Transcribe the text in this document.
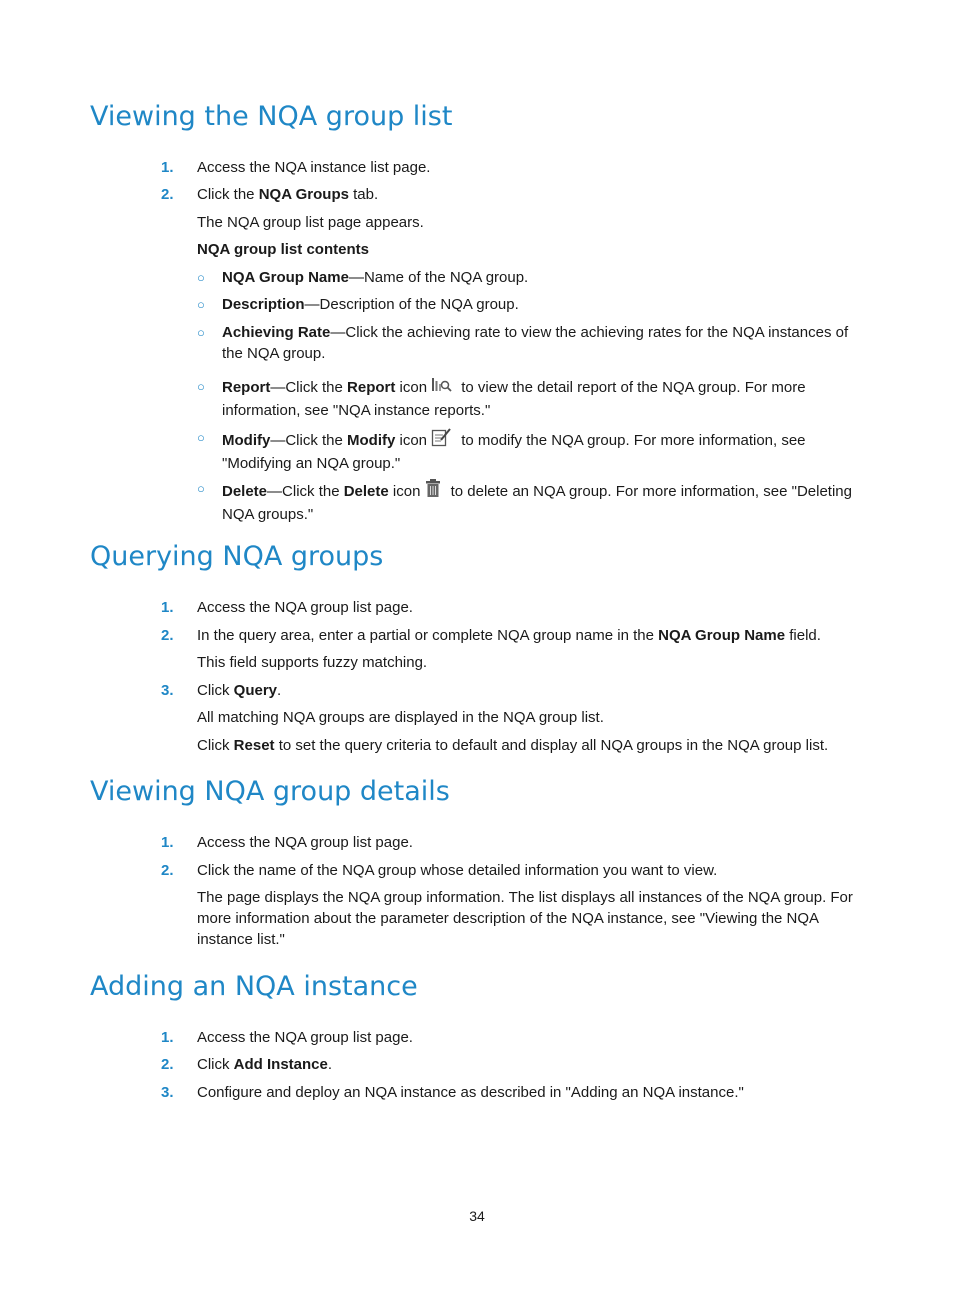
Viewing the NQA group list
1. Access the NQA instance list page.
2. Click the NQA Groups tab.
The NQA group list page appears.
NQA group list contents
○ NQA Group Name—Name of the NQA group.
○ Description—Description of the NQA group.
○ Achieving Rate—Click the achieving rate to view the achieving rates for the NQA instances of the NQA group.
○ Report—Click the Report icon to view the detail report of the NQA group. For more information, see "NQA instance reports."
○ Modify—Click the Modify icon to modify the NQA group. For more information, see "Modifying an NQA group."
○ Delete—Click the Delete icon to delete an NQA group. For more information, see "Deleting NQA groups."
Querying NQA groups
1. Access the NQA group list page.
2. In the query area, enter a partial or complete NQA group name in the NQA Group Name field.
This field supports fuzzy matching.
3. Click Query.
All matching NQA groups are displayed in the NQA group list.
Click Reset to set the query criteria to default and display all NQA groups in the NQA group list.
Viewing NQA group details
1. Access the NQA group list page.
2. Click the name of the NQA group whose detailed information you want to view.
The page displays the NQA group information. The list displays all instances of the NQA group. For more information about the parameter description of the NQA instance, see "Viewing the NQA instance list."
Adding an NQA instance
1. Access the NQA group list page.
2. Click Add Instance.
3. Configure and deploy an NQA instance as described in "Adding an NQA instance."
34
